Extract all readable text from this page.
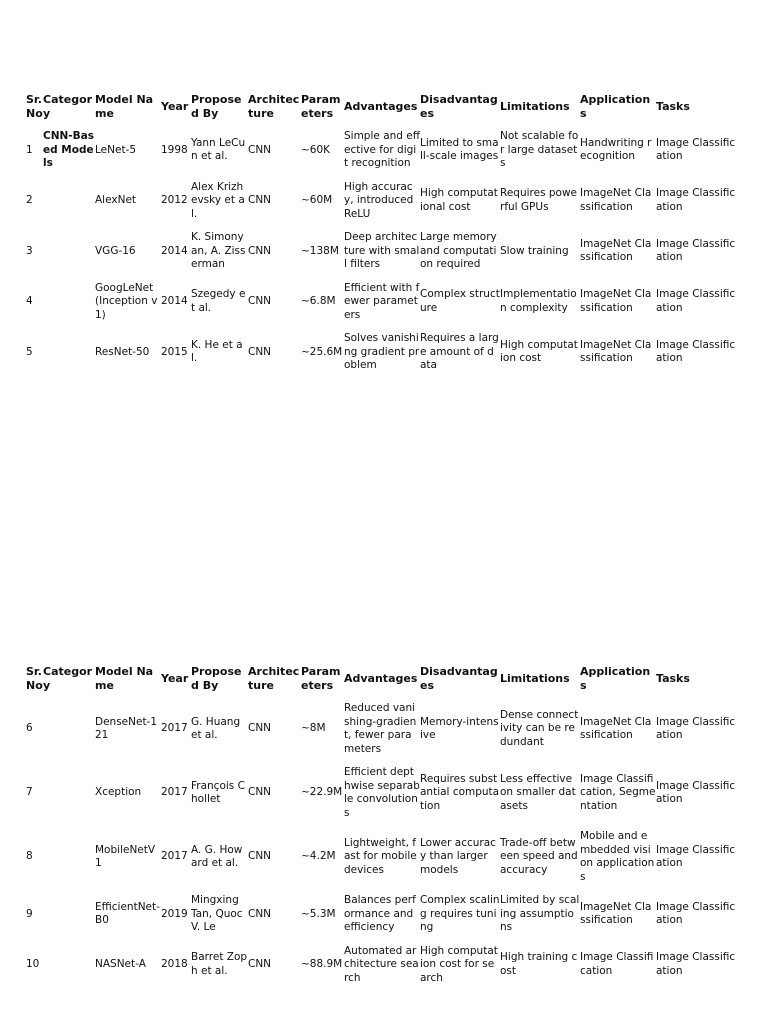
Sr. No	Category	Model Name	Year	Proposed By	Architecture	Parameters	Advantages	Disadvantages	Limitations	Applications	Tasks
1	CNN-Based Models	LeNet-5	1998	Yann LeCun et al.	CNN	~60K	Simple and effective for digit recognition	Limited to small-scale images	Not scalable for large datasets	Handwriting recognition	Image Classification
2		AlexNet	2012	Alex Krizhevsky et al.	CNN	~60M	High accuracy, introduced ReLU	High computational cost	Requires powerful GPUs	ImageNet Classification	Image Classification
3		VGG-16	2014	K. Simonyan, A. Zisserman	CNN	~138M	Deep architecture with small filters	Large memory and computation required	Slow training	ImageNet Classification	Image Classification
4		GoogLeNet (Inception v1)	2014	Szegedy et al.	CNN	~6.8M	Efficient with fewer parameters	Complex structure	Implementation complexity	ImageNet Classification	Image Classification
5		ResNet-50	2015	K. He et al.	CNN	~25.6M	Solves vanishing gradient problem	Requires a large amount of data	High computation cost	ImageNet Classification	Image Classification
Sr. No	Category	Model Name	Year	Proposed By	Architecture	Parameters	Advantages	Disadvantages	Limitations	Applications	Tasks
6		DenseNet-121	2017	G. Huang et al.	CNN	~8M	Reduced vanishing-gradient, fewer parameters	Memory-intensive	Dense connectivity can be redundant	ImageNet Classification	Image Classification
7		Xception	2017	François Chollet	CNN	~22.9M	Efficient depthwise separable convolutions	Requires substantial computation	Less effective on smaller datasets	Image Classification, Segmentation	Image Classification
8		MobileNetV1	2017	A. G. Howard et al.	CNN	~4.2M	Lightweight, fast for mobile devices	Lower accuracy than larger models	Trade-off between speed and accuracy	Mobile and embedded vision applications	Image Classification
9		EfficientNet-B0	2019	Mingxing Tan, Quoc V. Le	CNN	~5.3M	Balances performance and efficiency	Complex scaling requires tuning	Limited by scaling assumptions	ImageNet Classification	Image Classification
10		NASNet-A	2018	Barret Zoph et al.	CNN	~88.9M	Automated architecture search	High computation cost for search	High training cost	Image Classification	Image Classification
